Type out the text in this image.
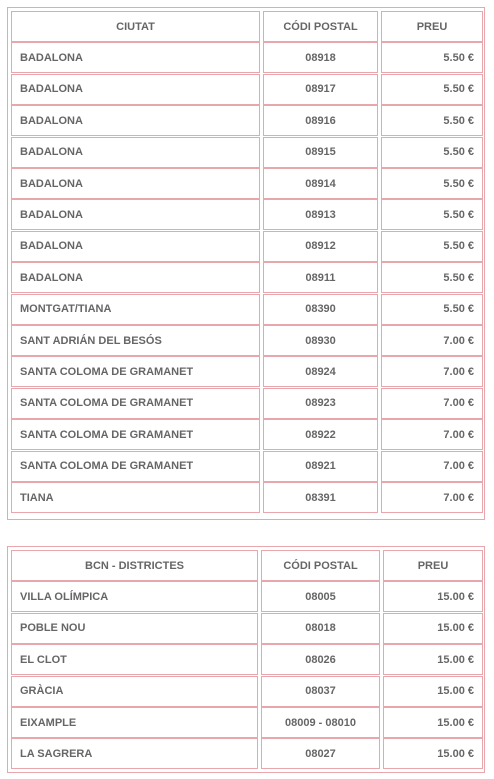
CIUTAT	CÓDI POSTAL	PREU
BADALONA	08918	5.50 €
BADALONA	08917	5.50 €
BADALONA	08916	5.50 €
BADALONA	08915	5.50 €
BADALONA	08914	5.50 €
BADALONA	08913	5.50 €
BADALONA	08912	5.50 €
BADALONA	08911	5.50 €
MONTGAT/TIANA	08390	5.50 €
SANT ADRIÁN DEL BESÓS	08930	7.00 €
SANTA COLOMA DE GRAMANET	08924	7.00 €
SANTA COLOMA DE GRAMANET	08923	7.00 €
SANTA COLOMA DE GRAMANET	08922	7.00 €
SANTA COLOMA DE GRAMANET	08921	7.00 €
TIANA	08391	7.00 €
BCN - DISTRICTES	CÓDI POSTAL	PREU
VILLA OLÍMPICA	08005	15.00 €
POBLE NOU	08018	15.00 €
EL CLOT	08026	15.00 €
GRÀCIA	08037	15.00 €
EIXAMPLE	08009 - 08010	15.00 €
LA SAGRERA	08027	15.00 €
